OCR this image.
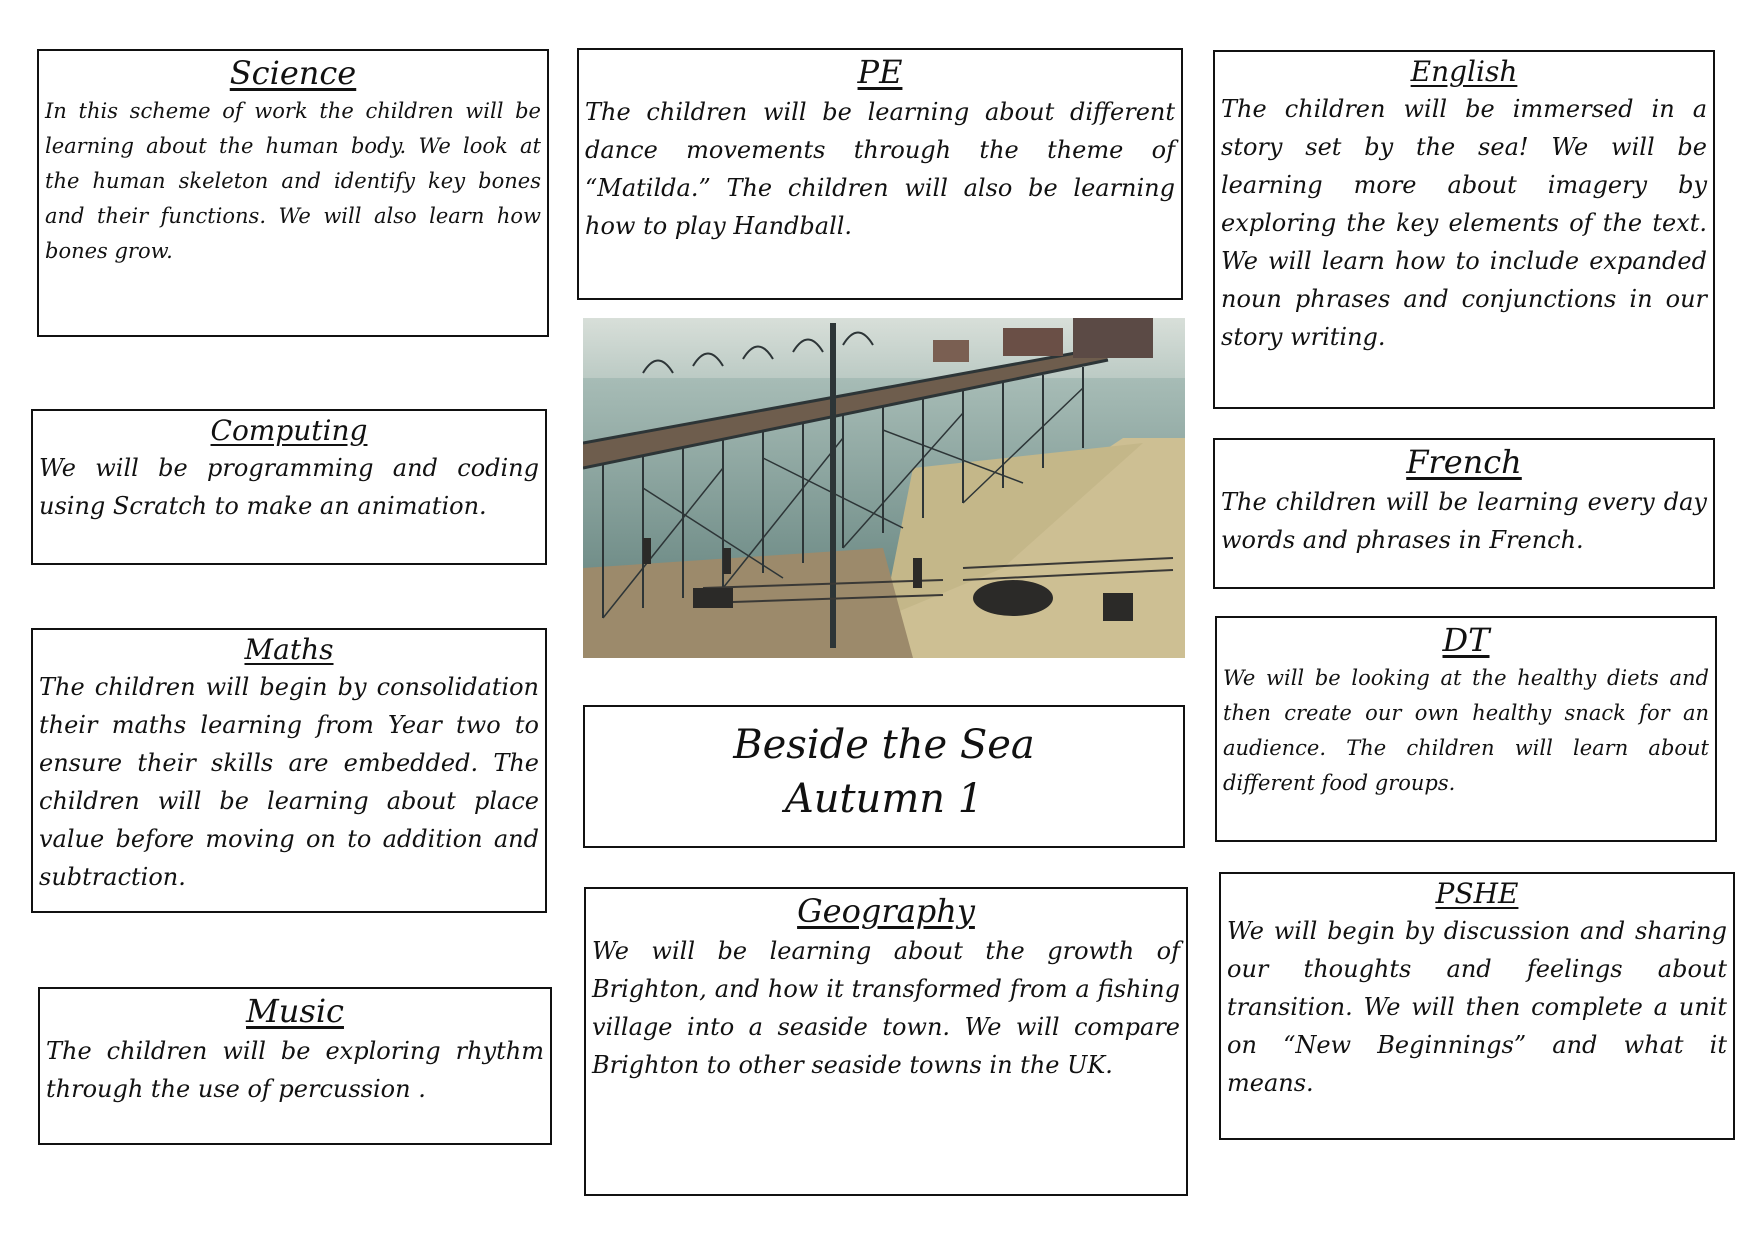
Science

In this scheme of work the children will be learning about the human body. We look at the human skeleton and identify key bones and their functions. We will also learn how bones grow.

Computing

We will be programming and coding using Scratch to make an animation.

Maths

The children will begin by consolidation their maths learning from Year two to ensure their skills are embedded. The children will be learning about place value before moving on to addition and subtraction.

Music

The children will be exploring rhythm through the use of percussion .

PE

The children will be learning about different dance movements through the theme of “Matilda.” The children will also be learning how to play Handball.

Beside the Sea

Autumn 1

Geography

We will be learning about the growth of Brighton, and how it transformed from a fishing village into a seaside town. We will compare Brighton to other seaside towns in the UK.

English

The children will be immersed in a story set by the sea! We will be learning more about imagery by exploring the key elements of the text. We will learn how to include expanded noun phrases and conjunctions in our story writing.

French

The children will be learning every day words and phrases in French.

DT

We will be looking at the healthy diets and then create our own healthy snack for an audience. The children will learn about different food groups.

PSHE

We will begin by discussion and sharing our thoughts and feelings about transition. We will then complete a unit on “New Beginnings” and what it means.
